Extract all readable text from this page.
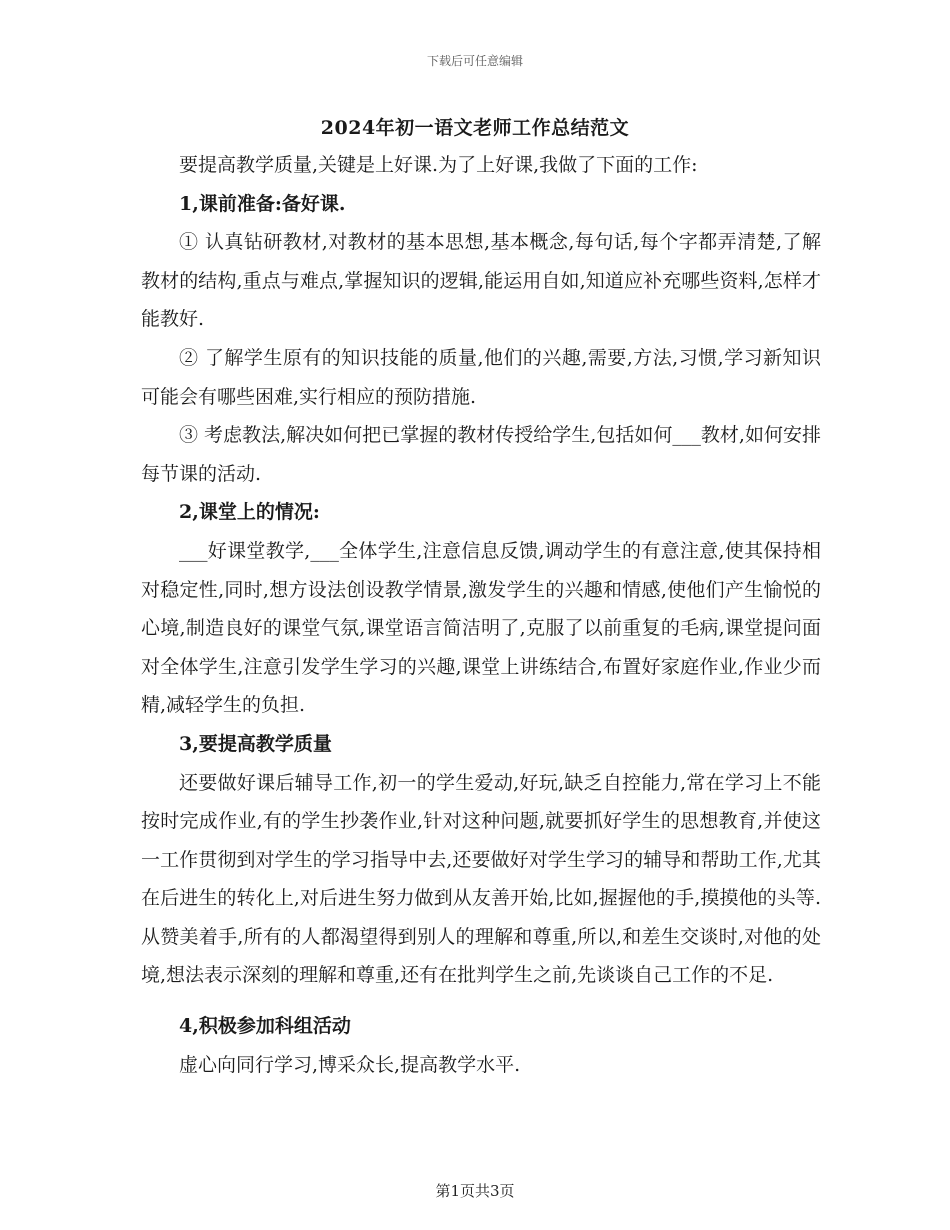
下载后可任意编辑
2024年初一语文老师工作总结范文

要提高教学质量,关键是上好课.为了上好课,我做了下面的工作:

1,课前准备:备好课.

① 认真钻研教材,对教材的基本思想,基本概念,每句话,每个字都弄清楚,了解教材的结构,重点与难点,掌握知识的逻辑,能运用自如,知道应补充哪些资料,怎样才能教好.

② 了解学生原有的知识技能的质量,他们的兴趣,需要,方法,习惯,学习新知识可能会有哪些困难,实行相应的预防措施.

③ 考虑教法,解决如何把已掌握的教材传授给学生,包括如何___教材,如何安排每节课的活动.

2,课堂上的情况:

___好课堂教学,___全体学生,注意信息反馈,调动学生的有意注意,使其保持相对稳定性,同时,想方设法创设教学情景,激发学生的兴趣和情感,使他们产生愉悦的心境,制造良好的课堂气氛,课堂语言简洁明了,克服了以前重复的毛病,课堂提问面对全体学生,注意引发学生学习的兴趣,课堂上讲练结合,布置好家庭作业,作业少而精,减轻学生的负担.

3,要提高教学质量

还要做好课后辅导工作,初一的学生爱动,好玩,缺乏自控能力,常在学习上不能按时完成作业,有的学生抄袭作业,针对这种问题,就要抓好学生的思想教育,并使这一工作贯彻到对学生的学习指导中去,还要做好对学生学习的辅导和帮助工作,尤其在后进生的转化上,对后进生努力做到从友善开始,比如,握握他的手,摸摸他的头等.从赞美着手,所有的人都渴望得到别人的理解和尊重,所以,和差生交谈时,对他的处境,想法表示深刻的理解和尊重,还有在批判学生之前,先谈谈自己工作的不足.

4,积极参加科组活动

虚心向同行学习,博采众长,提高教学水平.

第1页共3页
